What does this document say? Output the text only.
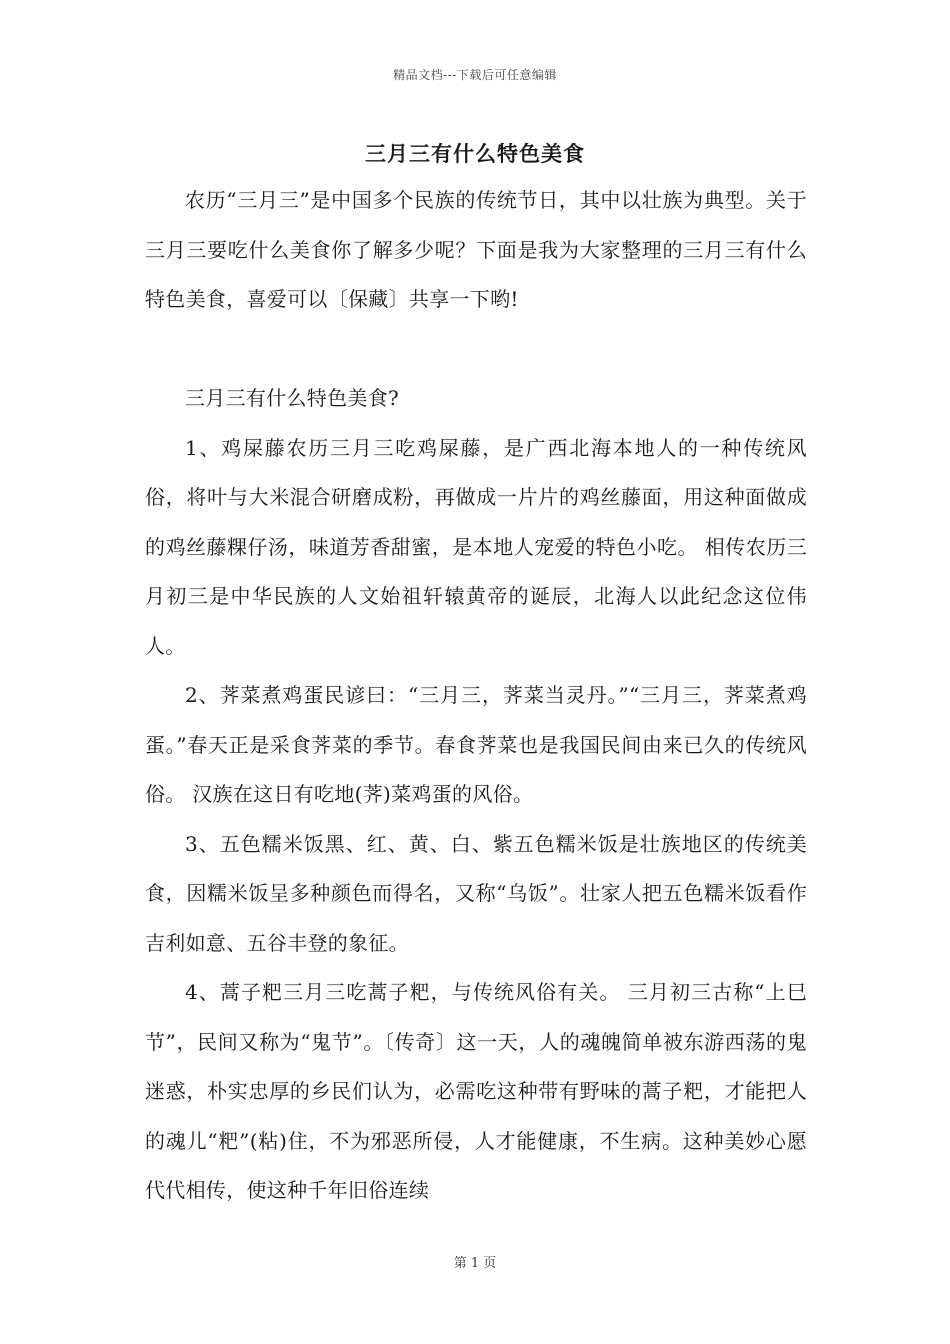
精品文档---下载后可任意编辑
三月三有什么特色美食

农历“三月三”是中国多个民族的传统节日，其中以壮族为典型。关于三月三要吃什么美食你了解多少呢？下面是我为大家整理的三月三有什么特色美食，喜爱可以〔保藏〕共享一下哟!

三月三有什么特色美食?

1、鸡屎藤农历三月三吃鸡屎藤，是广西北海本地人的一种传统风俗，将叶与大米混合研磨成粉，再做成一片片的鸡丝藤面，用这种面做成的鸡丝藤粿仔汤，味道芳香甜蜜，是本地人宠爱的特色小吃。 相传农历三月初三是中华民族的人文始祖轩辕黄帝的诞辰，北海人以此纪念这位伟人。

2、荠菜煮鸡蛋民谚曰：“三月三，荠菜当灵丹。”“三月三，荠菜煮鸡蛋。”春天正是采食荠菜的季节。春食荠菜也是我国民间由来已久的传统风俗。 汉族在这日有吃地(荠)菜鸡蛋的风俗。

3、五色糯米饭黑、红、黄、白、紫五色糯米饭是壮族地区的传统美食，因糯米饭呈多种颜色而得名，又称“乌饭”。壮家人把五色糯米饭看作吉利如意、五谷丰登的象征。

4、蒿子粑三月三吃蒿子粑，与传统风俗有关。 三月初三古称“上巳节”，民间又称为“鬼节”。〔传奇〕这一天，人的魂魄简单被东游西荡的鬼迷惑，朴实忠厚的乡民们认为，必需吃这种带有野味的蒿子粑，才能把人的魂儿“粑”(粘)住，不为邪恶所侵，人才能健康，不生病。这种美妙心愿代代相传，使这种千年旧俗连续

第 1 页
